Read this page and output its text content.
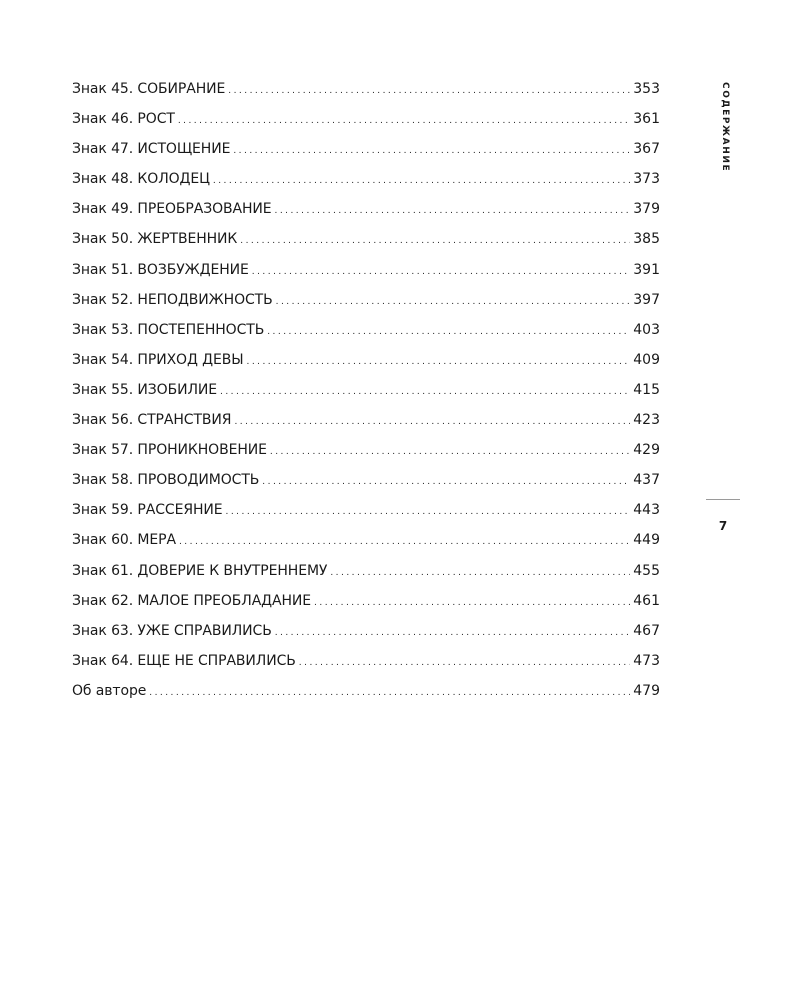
Знак 45. СОБИРАНИЕ . . .	353
Знак 46. РОСТ . . .	361
Знак 47. ИСТОЩЕНИЕ . . .	367
Знак 48. КОЛОДЕЦ . . .	373
Знак 49. ПРЕОБРАЗОВАНИЕ . . .	379
Знак 50. ЖЕРТВЕННИК . . .	385
Знак 51. ВОЗБУЖДЕНИЕ . . .	391
Знак 52. НЕПОДВИЖНОСТЬ . . .	397
Знак 53. ПОСТЕПЕННОСТЬ . . .	403
Знак 54. ПРИХОД ДЕВЫ . . .	409
Знак 55. ИЗОБИЛИЕ . . .	415
Знак 56. СТРАНСТВИЯ . . .	423
Знак 57. ПРОНИКНОВЕНИЕ . . .	429
Знак 58. ПРОВОДИМОСТЬ . . .	437
Знак 59. РАССЕЯНИЕ . . .	443
Знак 60. МЕРА . . .	449
Знак 61. ДОВЕРИЕ К ВНУТРЕННЕМУ . . .	455
Знак 62. МАЛОЕ ПРЕОБЛАДАНИЕ . . .	461
Знак 63. УЖЕ СПРАВИЛИСЬ . . .	467
Знак 64. ЕЩЕ НЕ СПРАВИЛИСЬ . . .	473
Об авторе . . .	479
СОДЕРЖАНИЕ
7
